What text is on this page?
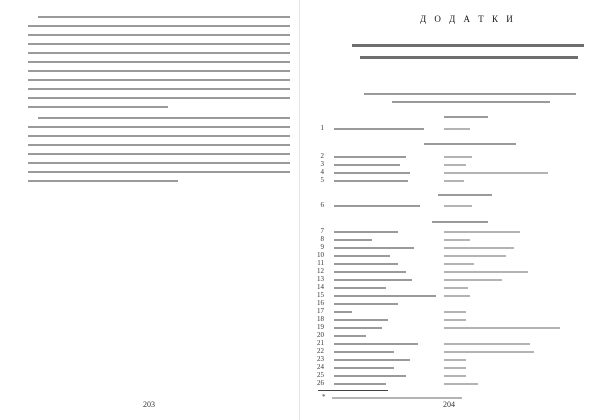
203
Д О Д А Т К И
1
2
3
4
5
6
7
8
9
10
11
12
13
14
15
16
17
18
19
20
21
22
23
24
25
26
*
204
